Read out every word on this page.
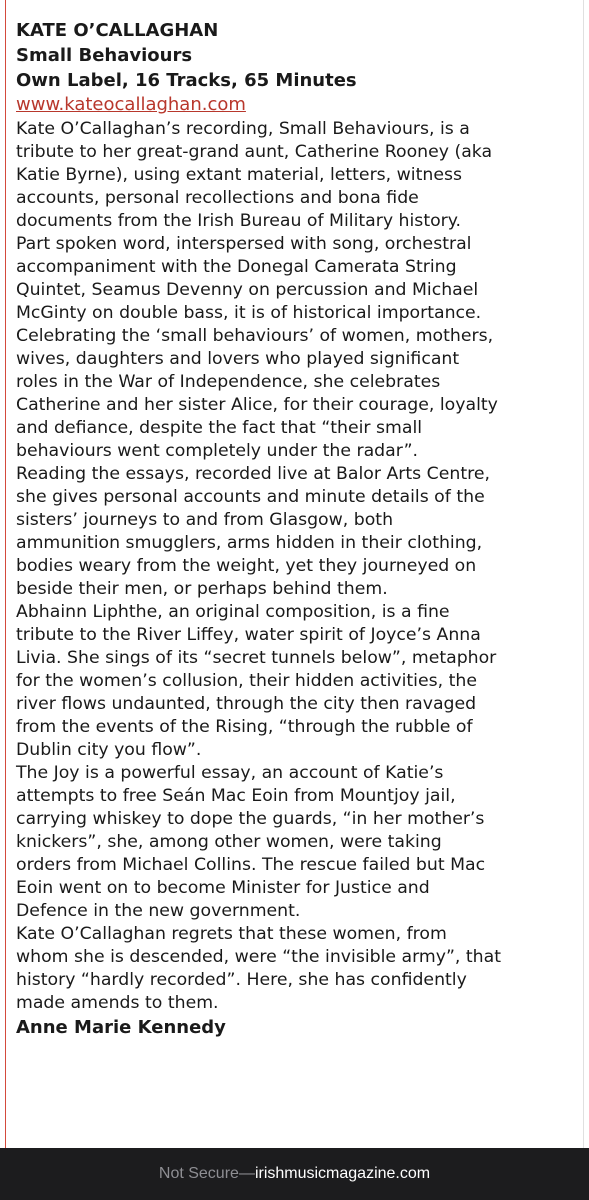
KATE O’CALLAGHAN

Small Behaviours

Own Label, 16 Tracks, 65 Minutes

www.kateocallaghan.com

Kate O’Callaghan’s recording, Small Behaviours, is a

tribute to her great-grand aunt, Catherine Rooney (aka

Katie Byrne), using extant material, letters, witness

accounts, personal recollections and bona fide

documents from the Irish Bureau of Military history.

Part spoken word, interspersed with song, orchestral

accompaniment with the Donegal Camerata String

Quintet, Seamus Devenny on percussion and Michael

McGinty on double bass, it is of historical importance.

Celebrating the ‘small behaviours’ of women, mothers,

wives, daughters and lovers who played significant

roles in the War of Independence, she celebrates

Catherine and her sister Alice, for their courage, loyalty

and defiance, despite the fact that “their small

behaviours went completely under the radar”.

Reading the essays, recorded live at Balor Arts Centre,

she gives personal accounts and minute details of the

sisters’ journeys to and from Glasgow, both

ammunition smugglers, arms hidden in their clothing,

bodies weary from the weight, yet they journeyed on

beside their men, or perhaps behind them.

Abhainn Liphthe, an original composition, is a fine

tribute to the River Liffey, water spirit of Joyce’s Anna

Livia. She sings of its “secret tunnels below”, metaphor

for the women’s collusion, their hidden activities, the

river flows undaunted, through the city then ravaged

from the events of the Rising, “through the rubble of

Dublin city you flow”.

The Joy is a powerful essay, an account of Katie’s

attempts to free Seán Mac Eoin from Mountjoy jail,

carrying whiskey to dope the guards, “in her mother’s

knickers”, she, among other women, were taking

orders from Michael Collins. The rescue failed but Mac

Eoin went on to become Minister for Justice and

Defence in the new government.

Kate O’Callaghan regrets that these women, from

whom she is descended, were “the invisible army”, that

history “hardly recorded”. Here, she has confidently

made amends to them.

Anne Marie Kennedy

Not Secure — irishmusicmagazine.com
